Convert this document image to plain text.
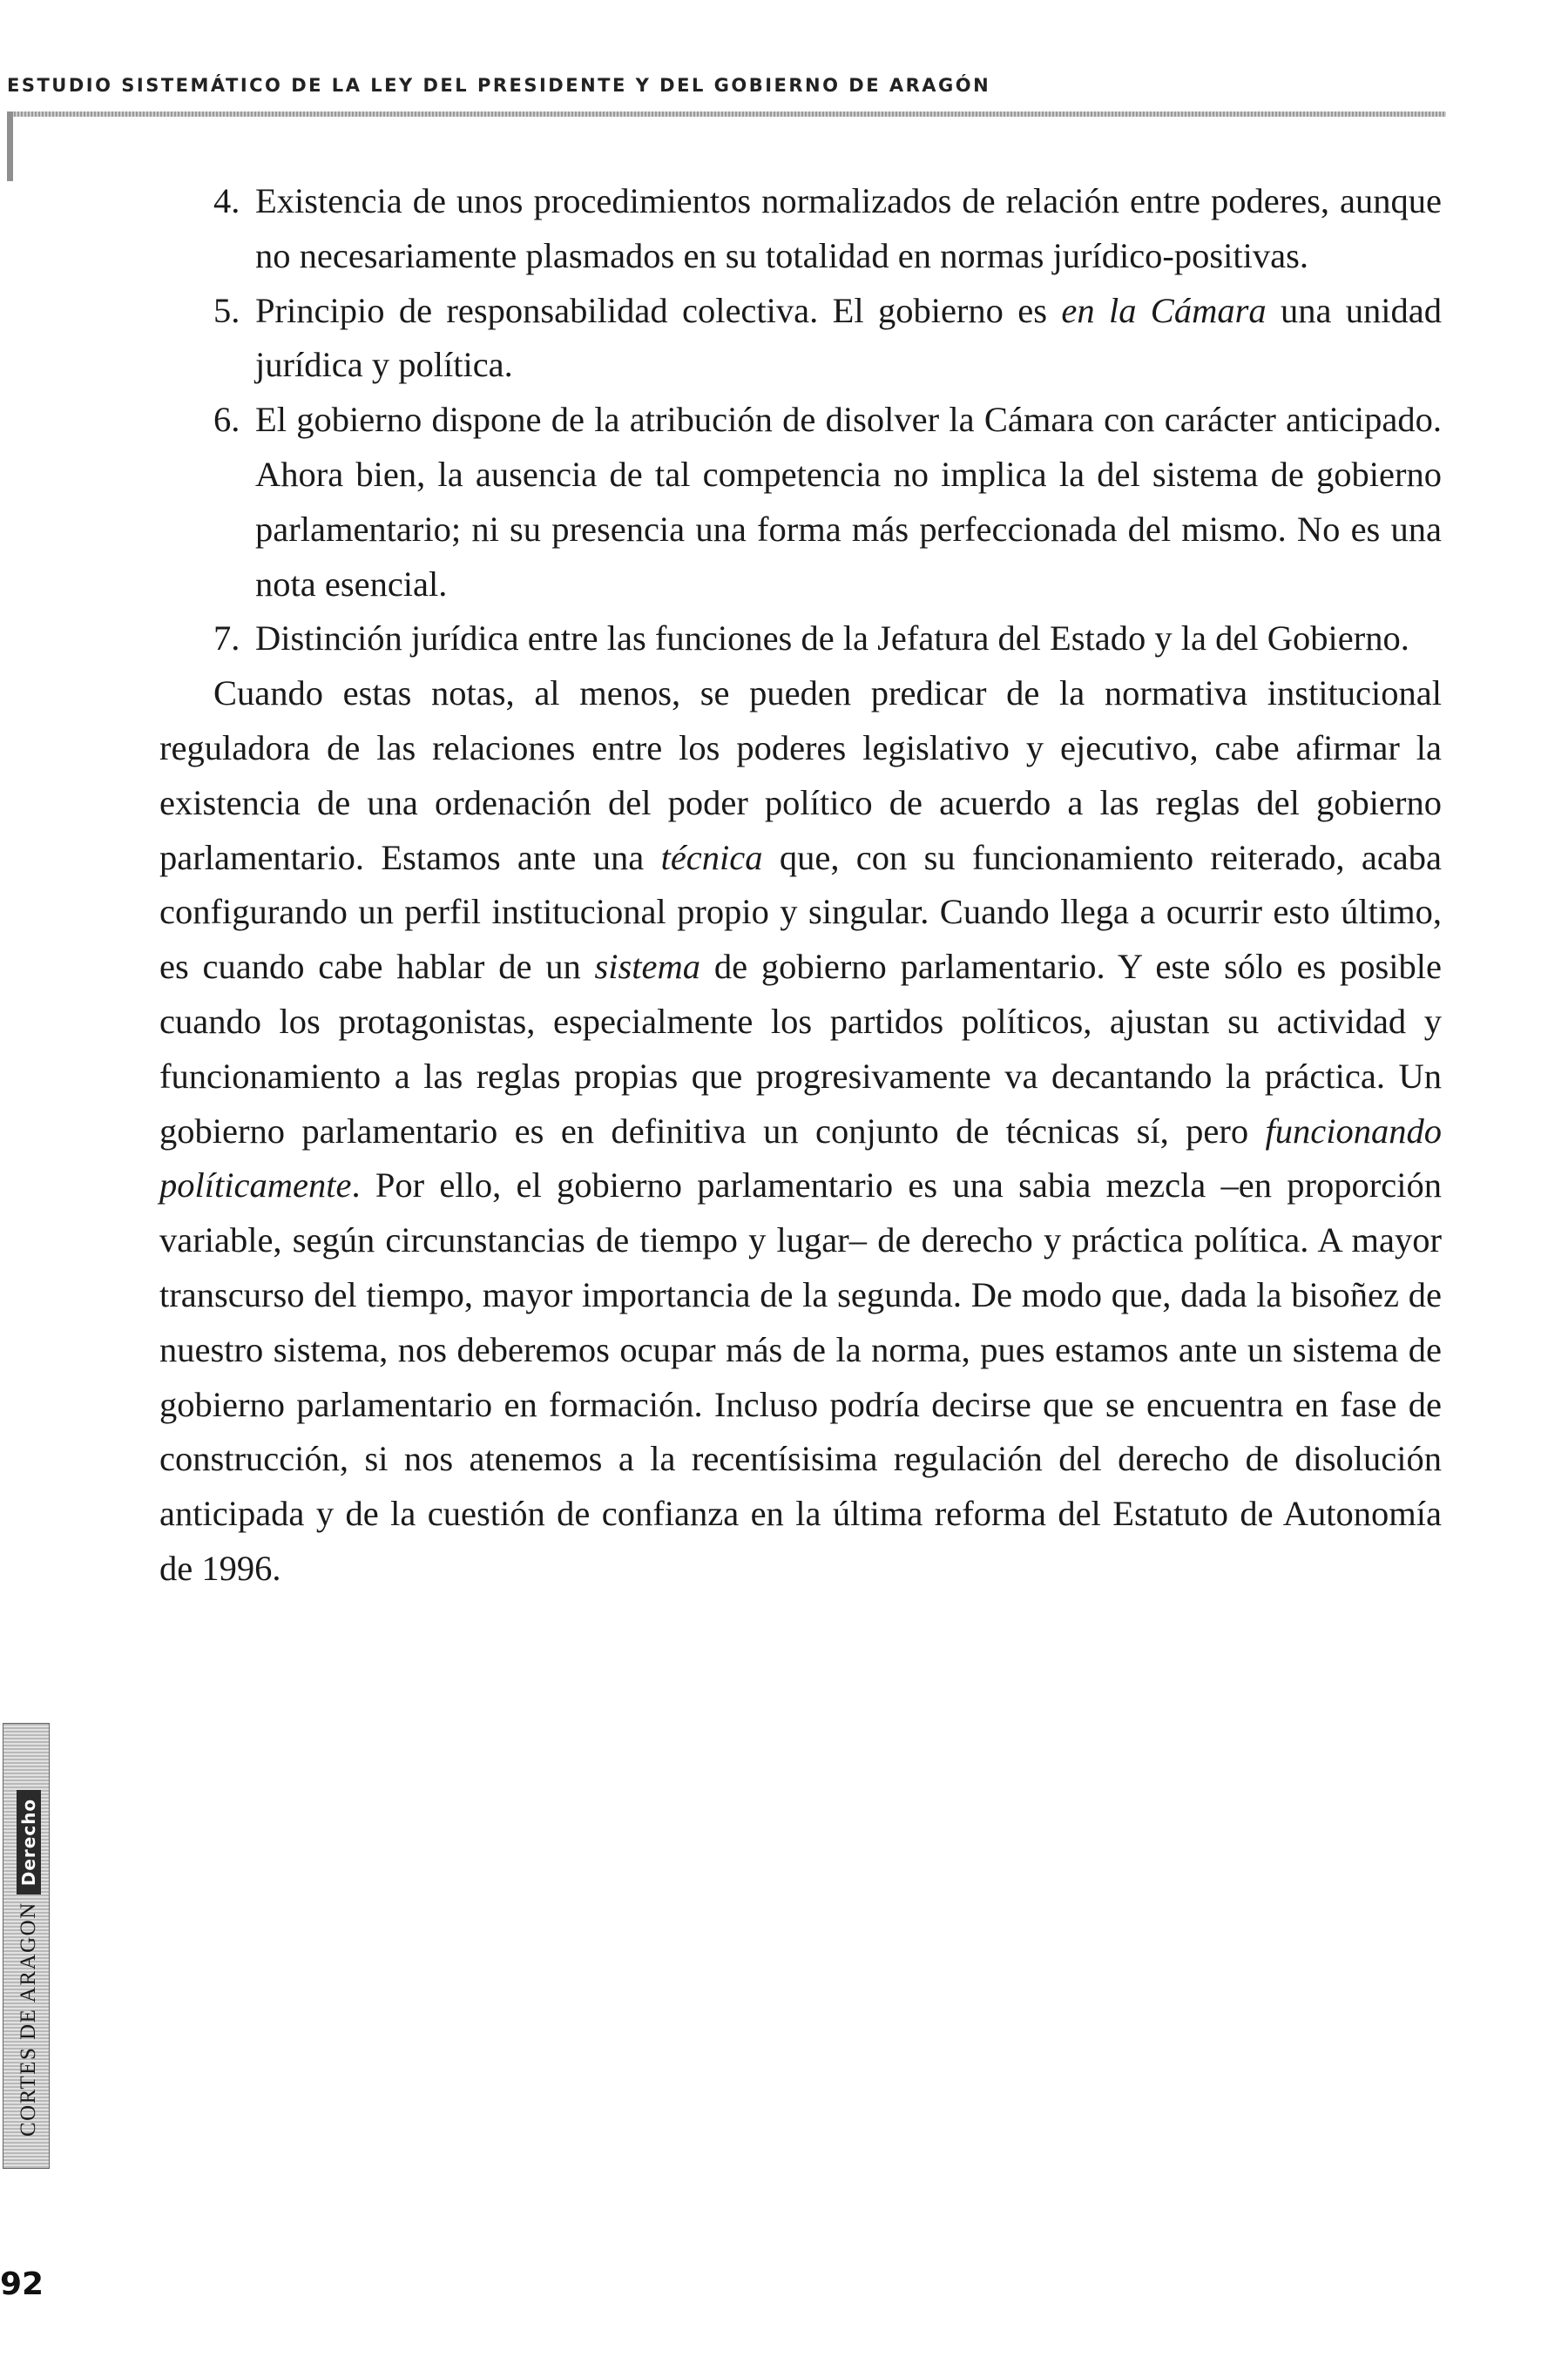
ESTUDIO SISTEMÁTICO DE LA LEY DEL PRESIDENTE Y DEL GOBIERNO DE ARAGÓN
4. Existencia de unos procedimientos normalizados de relación entre poderes, aunque no necesariamente plasmados en su totalidad en normas jurídico-positivas.
5. Principio de responsabilidad colectiva. El gobierno es en la Cámara una unidad jurídica y política.
6. El gobierno dispone de la atribución de disolver la Cámara con carácter anticipado. Ahora bien, la ausencia de tal competencia no implica la del sistema de gobierno parlamentario; ni su presencia una forma más perfeccionada del mismo. No es una nota esencial.
7. Distinción jurídica entre las funciones de la Jefatura del Estado y la del Gobierno.

Cuando estas notas, al menos, se pueden predicar de la normativa institucional reguladora de las relaciones entre los poderes legislativo y ejecutivo, cabe afirmar la existencia de una ordenación del poder político de acuerdo a las reglas del gobierno parlamentario. Estamos ante una técnica que, con su funcionamiento reiterado, acaba configurando un perfil institucional propio y singular. Cuando llega a ocurrir esto último, es cuando cabe hablar de un sistema de gobierno parlamentario. Y este sólo es posible cuando los protagonistas, especialmente los partidos políticos, ajustan su actividad y funcionamiento a las reglas propias que progresivamente va decantando la práctica. Un gobierno parlamentario es en definitiva un conjunto de técnicas sí, pero funcionando políticamente. Por ello, el gobierno parlamentario es una sabia mezcla –en proporción variable, según circunstancias de tiempo y lugar– de derecho y práctica política. A mayor transcurso del tiempo, mayor importancia de la segunda. De modo que, dada la bisoñez de nuestro sistema, nos deberemos ocupar más de la norma, pues estamos ante un sistema de gobierno parlamentario en formación. Incluso podría decirse que se encuentra en fase de construcción, si nos atenemos a la recentísisima regulación del derecho de disolución anticipada y de la cuestión de confianza en la última reforma del Estatuto de Autonomía de 1996.

CORTES DE ARAGONDerecho
92
